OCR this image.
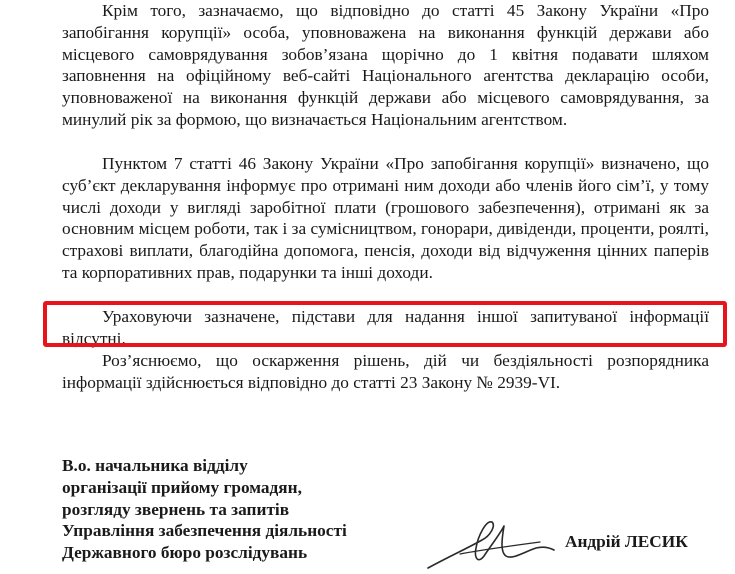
Крім того, зазначаємо, що відповідно до статті 45 Закону України «Про запобігання корупції» особа, уповноважена на виконання функцій держави або місцевого самоврядування зобов’язана щорічно до 1 квітня подавати шляхом заповнення на офіційному веб-сайті Національного агентства декларацію особи, уповноваженої на виконання функцій держави або місцевого самоврядування, за минулий рік за формою, що визначається Національним агентством.

Пунктом 7 статті 46 Закону України «Про запобігання корупції» визначено, що суб’єкт декларування інформує про отримані ним доходи або членів його сім’ї, у тому числі доходи у вигляді заробітної плати (грошового забезпечення), отримані як за основним місцем роботи, так і за сумісництвом, гонорари, дивіденди, проценти, роялті, страхові виплати, благодійна допомога, пенсія, доходи від відчуження цінних паперів та корпоративних прав, подарунки та інші доходи.

Ураховуючи зазначене, підстави для надання іншої запитуваної інформації відсутні.

Роз’яснюємо, що оскарження рішень, дій чи бездіяльності розпорядника інформації здійснюється відповідно до статті 23 Закону № 2939-VI.

В.о. начальника відділу
організації прийому громадян,
розгляду звернень та запитів
Управління забезпечення діяльності
Державного бюро розслідувань
Андрій ЛЕСИК
